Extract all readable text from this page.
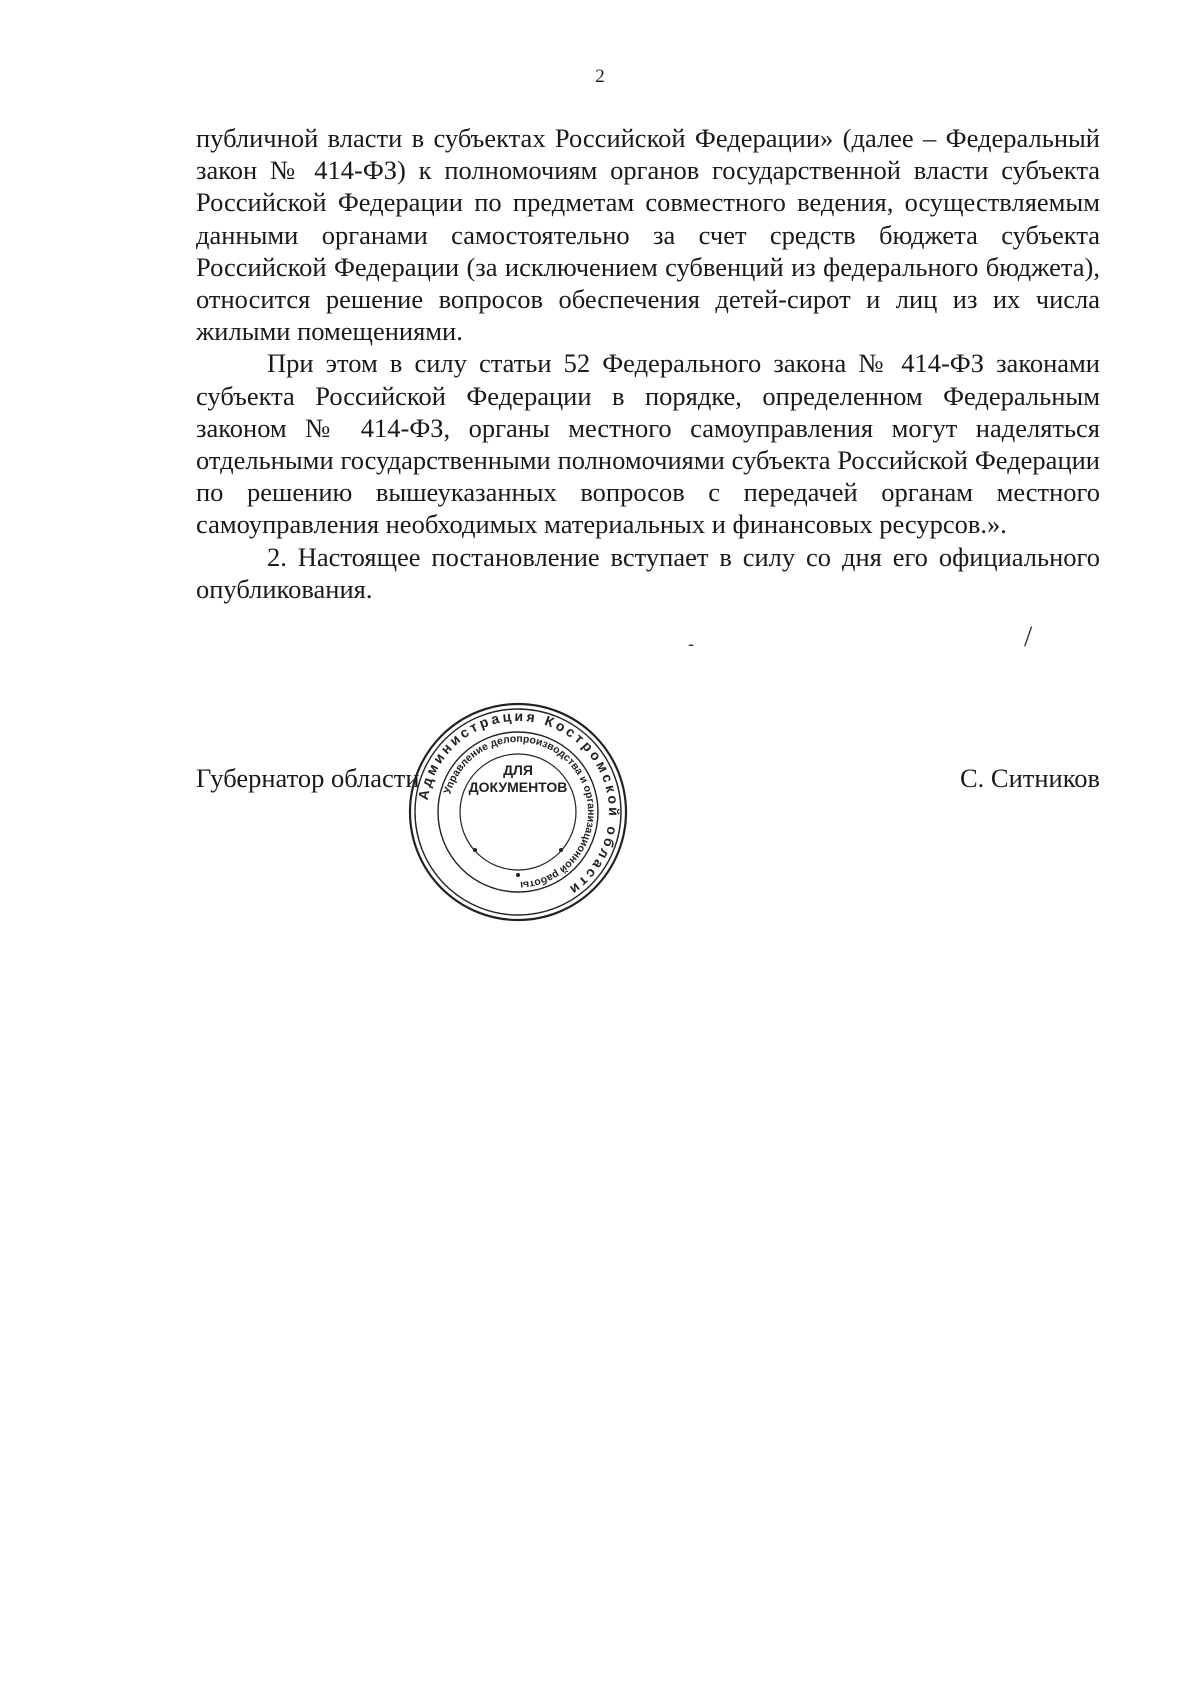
2

публичной власти в субъектах Российской Федерации» (далее – Федеральный закон № 414-ФЗ) к полномочиям органов государственной власти субъекта Российской Федерации по предметам совместного ведения, осуществляемым данными органами самостоятельно за счет средств бюджета субъекта Российской Федерации (за исключением субвенций из федерального бюджета), относится решение вопросов обеспечения детей-сирот и лиц из их числа жилыми помещениями.

При этом в силу статьи 52 Федерального закона № 414-ФЗ законами субъекта Российской Федерации в порядке, определенном Федеральным законом № 414-ФЗ, органы местного самоуправления могут наделяться отдельными государственными полномочиями субъекта Российской Федерации по решению вышеуказанных вопросов с передачей органам местного самоуправления необходимых материальных и финансовых ресурсов.».

2. Настоящее постановление вступает в силу со дня его официального опубликования.

-	/
Губернатор области	С. Ситников
Администрация Костромской области
Управление делопроизводства и организационной работы
ДЛЯ
ДОКУМЕНТОВ
